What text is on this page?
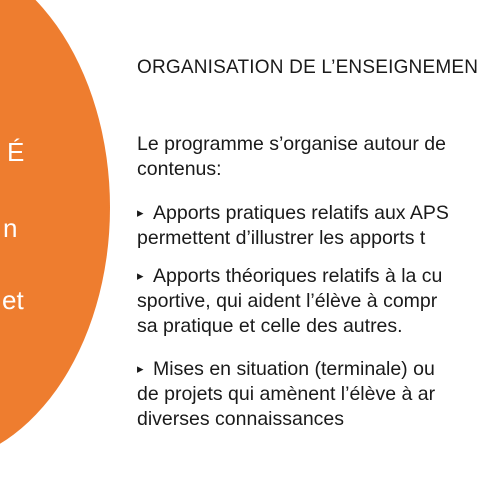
É
n
et
ORGANISATION DE L’ENSEIGNEMEN
Le programme s’organise autour de
contenus:
▸ Apports pratiques relatifs aux APS
permettent d’illustrer les apports t
▸ Apports théoriques relatifs à la cu
sportive, qui aident l’élève à compr
sa pratique et celle des autres.
▸ Mises en situation (terminale) ou
de projets qui amènent l’élève à ar
diverses connaissances
